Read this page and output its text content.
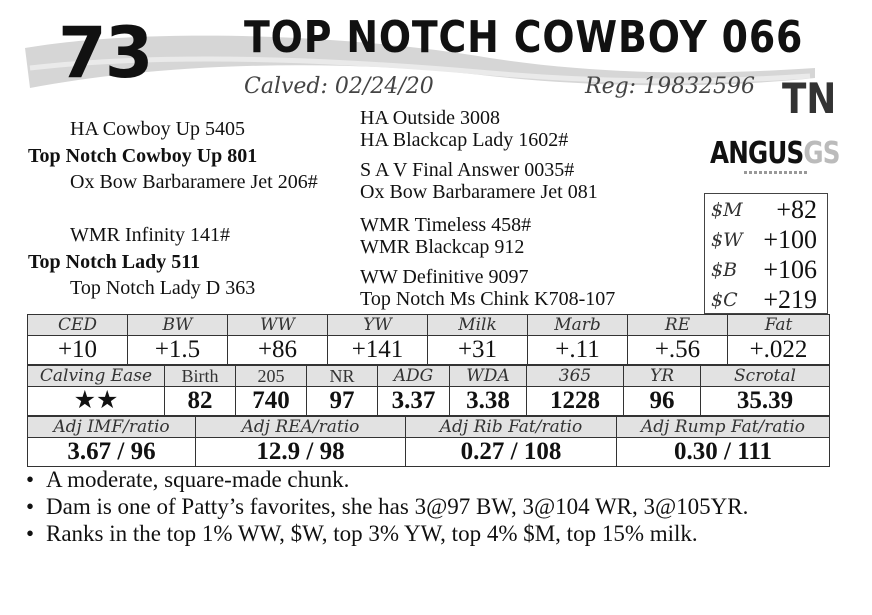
73 TOP NOTCH COWBOY 066
Calved: 02/24/20	Reg: 19832596 TN
HA Cowboy Up 5405
Top Notch Cowboy Up 801
Ox Bow Barbaramere Jet 206#
HA Outside 3008
HA Blackcap Lady 1602#
S A V Final Answer 0035#
Ox Bow Barbaramere Jet 081
WMR Infinity 141#
Top Notch Lady 511
Top Notch Lady D 363
WMR Timeless 458#
WMR Blackcap 912
WW Definitive 9097
Top Notch Ms Chink K708-107
ANGUSGS
$M +82
$W +100
$B +106
$C +219
CED	BW	WW	YW	Milk	Marb	RE	Fat
+10	+1.5	+86	+141	+31	+.11	+.56	+.022
Calving Ease	Birth	205	NR	ADG	WDA	365	YR	Scrotal
★★	82	740	97	3.37	3.38	1228	96	35.39
Adj IMF/ratio	Adj REA/ratio	Adj Rib Fat/ratio	Adj Rump Fat/ratio
3.67 / 96	12.9 / 98	0.27 / 108	0.30 / 111
• A moderate, square-made chunk.
• Dam is one of Patty’s favorites, she has 3@97 BW, 3@104 WR, 3@105YR.
• Ranks in the top 1% WW, $W, top 3% YW, top 4% $M, top 15% milk.
